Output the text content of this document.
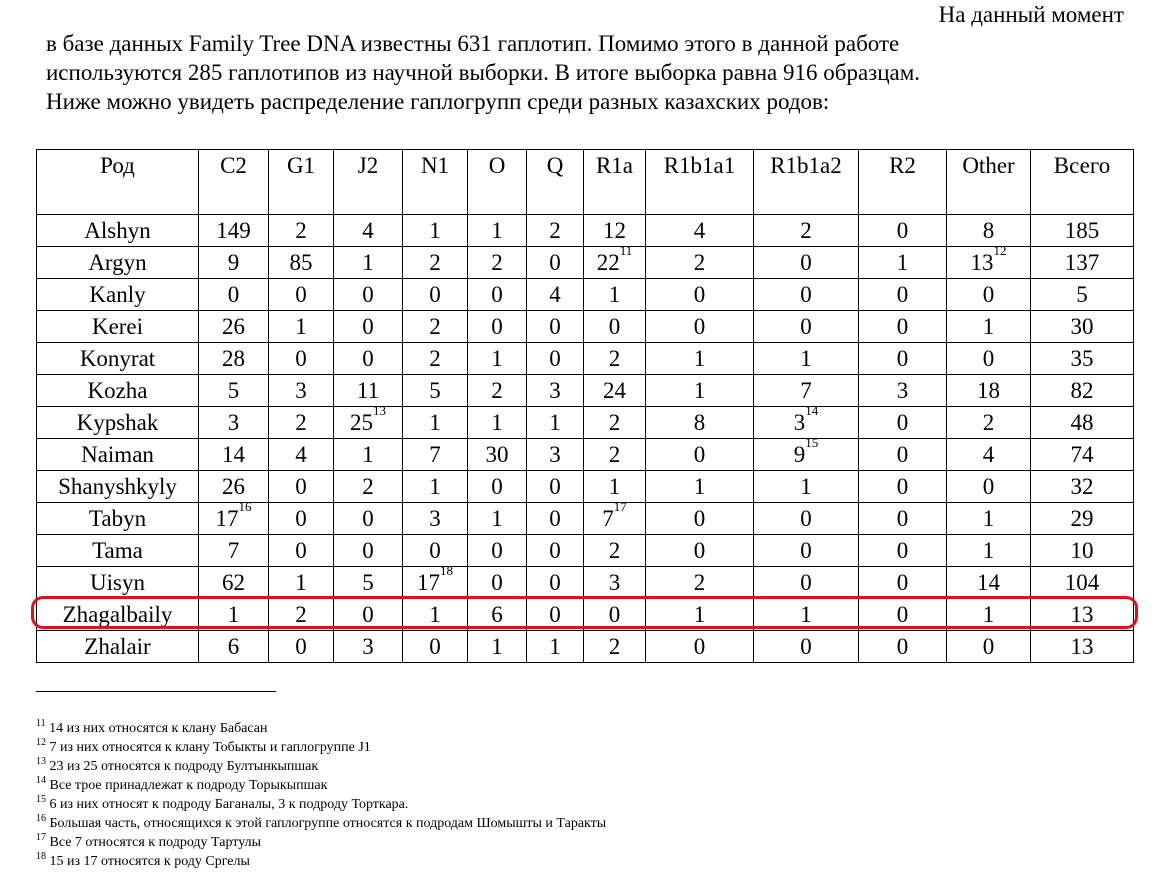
На данный момент
в базе данных Family Tree DNA известны 631 гаплотип. Помимо этого в данной работе
используются 285 гаплотипов из научной выборки. В итоге выборка равна 916 образцам.
Ниже можно увидеть распределение гаплогрупп среди разных казахских родов:
Род	C2	G1	J2	N1	O	Q	R1a	R1b1a1	R1b1a2	R2	Other	Всего
Alshyn	149	2	4	1	1	2	12	4	2	0	8	185
Argyn	9	85	1	2	2	0	$22^{11}$	2	0	1	$13^{12}$	137
Kanly	0	0	0	0	0	4	1	0	0	0	0	5
Kerei	26	1	0	2	0	0	0	0	0	0	1	30
Konyrat	28	0	0	2	1	0	2	1	1	0	0	35
Kozha	5	3	11	5	2	3	24	1	7	3	18	82
Kypshak	3	2	$25^{13}$	1	1	1	2	8	$3^{14}$	0	2	48
Naiman	14	4	1	7	30	3	2	0	$9^{15}$	0	4	74
Shanyshkyly	26	0	2	1	0	0	1	1	1	0	0	32
Tabyn	$17^{16}$	0	0	3	1	0	$7^{17}$	0	0	0	1	29
Tama	7	0	0	0	0	0	2	0	0	0	1	10
Uisyn	62	1	5	$17^{18}$	0	0	3	2	0	0	14	104
Zhagalbaily	1	2	0	1	6	0	0	1	1	0	1	13
Zhalair	6	0	3	0	1	1	2	0	0	0	0	13
$^{11}$ 14 из них относятся к клану Бабасан
$^{12}$ 7 из них относятся к клану Тобыкты и гаплогруппе J1
$^{13}$ 23 из 25 относятся к подроду Бултынкыпшак
$^{14}$ Все трое принадлежат к подроду Торыкыпшак
$^{15}$ 6 из них относят к подроду Баганалы, 3 к подроду Торткара.
$^{16}$ Большая часть, относящихся к этой гаплогруппе относятся к подродам Шомышты и Таракты
$^{17}$ Все 7 относятся к подроду Тартулы
$^{18}$ 15 из 17 относятся к роду Сргелы
